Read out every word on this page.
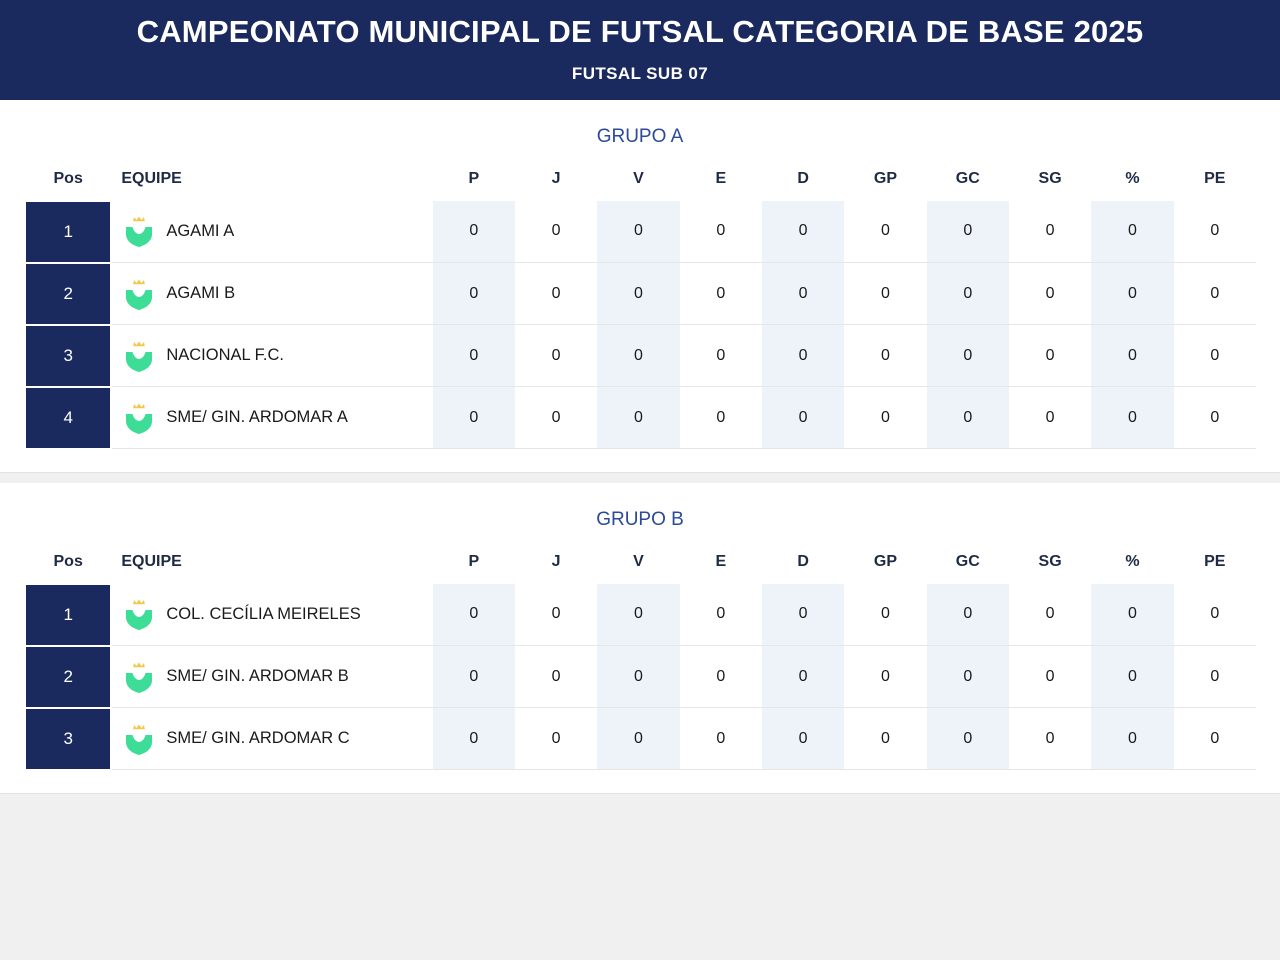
CAMPEONATO MUNICIPAL DE FUTSAL CATEGORIA DE BASE 2025
FUTSAL SUB 07
GRUPO A
Pos	EQUIPE	P	J	V	E	D	GP	GC	SG	%	PE
1	AGAMI A	0	0	0	0	0	0	0	0	0	0
2	AGAMI B	0	0	0	0	0	0	0	0	0	0
3	NACIONAL F.C.	0	0	0	0	0	0	0	0	0	0
4	SME/ GIN. ARDOMAR A	0	0	0	0	0	0	0	0	0	0
GRUPO B
Pos	EQUIPE	P	J	V	E	D	GP	GC	SG	%	PE
1	COL. CECÍLIA MEIRELES	0	0	0	0	0	0	0	0	0	0
2	SME/ GIN. ARDOMAR B	0	0	0	0	0	0	0	0	0	0
3	SME/ GIN. ARDOMAR C	0	0	0	0	0	0	0	0	0	0
